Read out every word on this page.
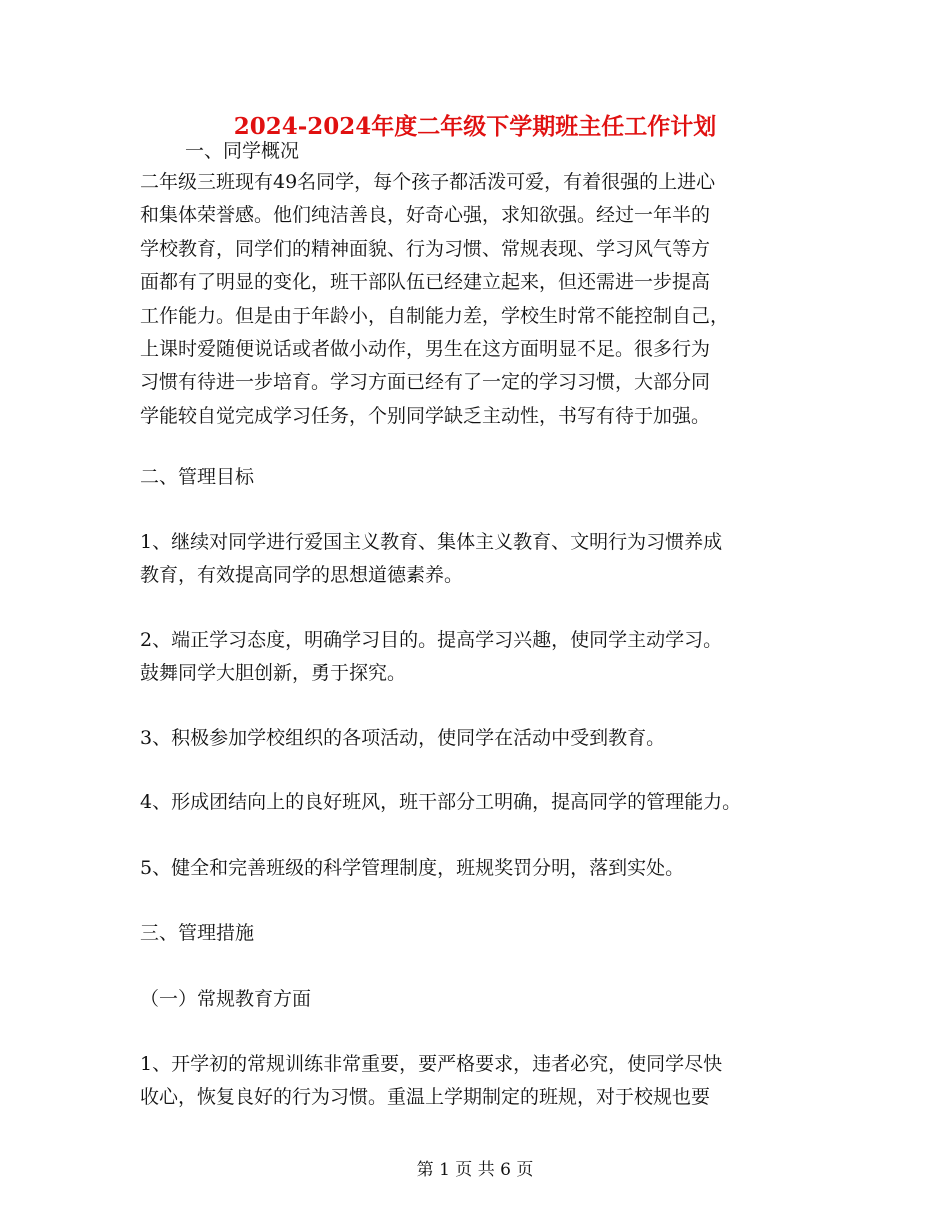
2024-2024年度二年级下学期班主任工作计划
一、同学概况
二年级三班现有49名同学，每个孩子都活泼可爱，有着很强的上进心
和集体荣誉感。他们纯洁善良，好奇心强，求知欲强。经过一年半的
学校教育，同学们的精神面貌、行为习惯、常规表现、学习风气等方
面都有了明显的变化，班干部队伍已经建立起来，但还需进一步提高
工作能力。但是由于年龄小，自制能力差，学校生时常不能控制自己，
上课时爱随便说话或者做小动作，男生在这方面明显不足。很多行为
习惯有待进一步培育。学习方面已经有了一定的学习习惯，大部分同
学能较自觉完成学习任务，个别同学缺乏主动性，书写有待于加强。
二、管理目标
1、继续对同学进行爱国主义教育、集体主义教育、文明行为习惯养成
教育，有效提高同学的思想道德素养。
2、端正学习态度，明确学习目的。提高学习兴趣，使同学主动学习。
鼓舞同学大胆创新，勇于探究。
3、积极参加学校组织的各项活动，使同学在活动中受到教育。
4、形成团结向上的良好班风，班干部分工明确，提高同学的管理能力。
5、健全和完善班级的科学管理制度，班规奖罚分明，落到实处。
三、管理措施
（一）常规教育方面
1、开学初的常规训练非常重要，要严格要求，违者必究，使同学尽快
收心，恢复良好的行为习惯。重温上学期制定的班规，对于校规也要
第 1 页 共 6 页
